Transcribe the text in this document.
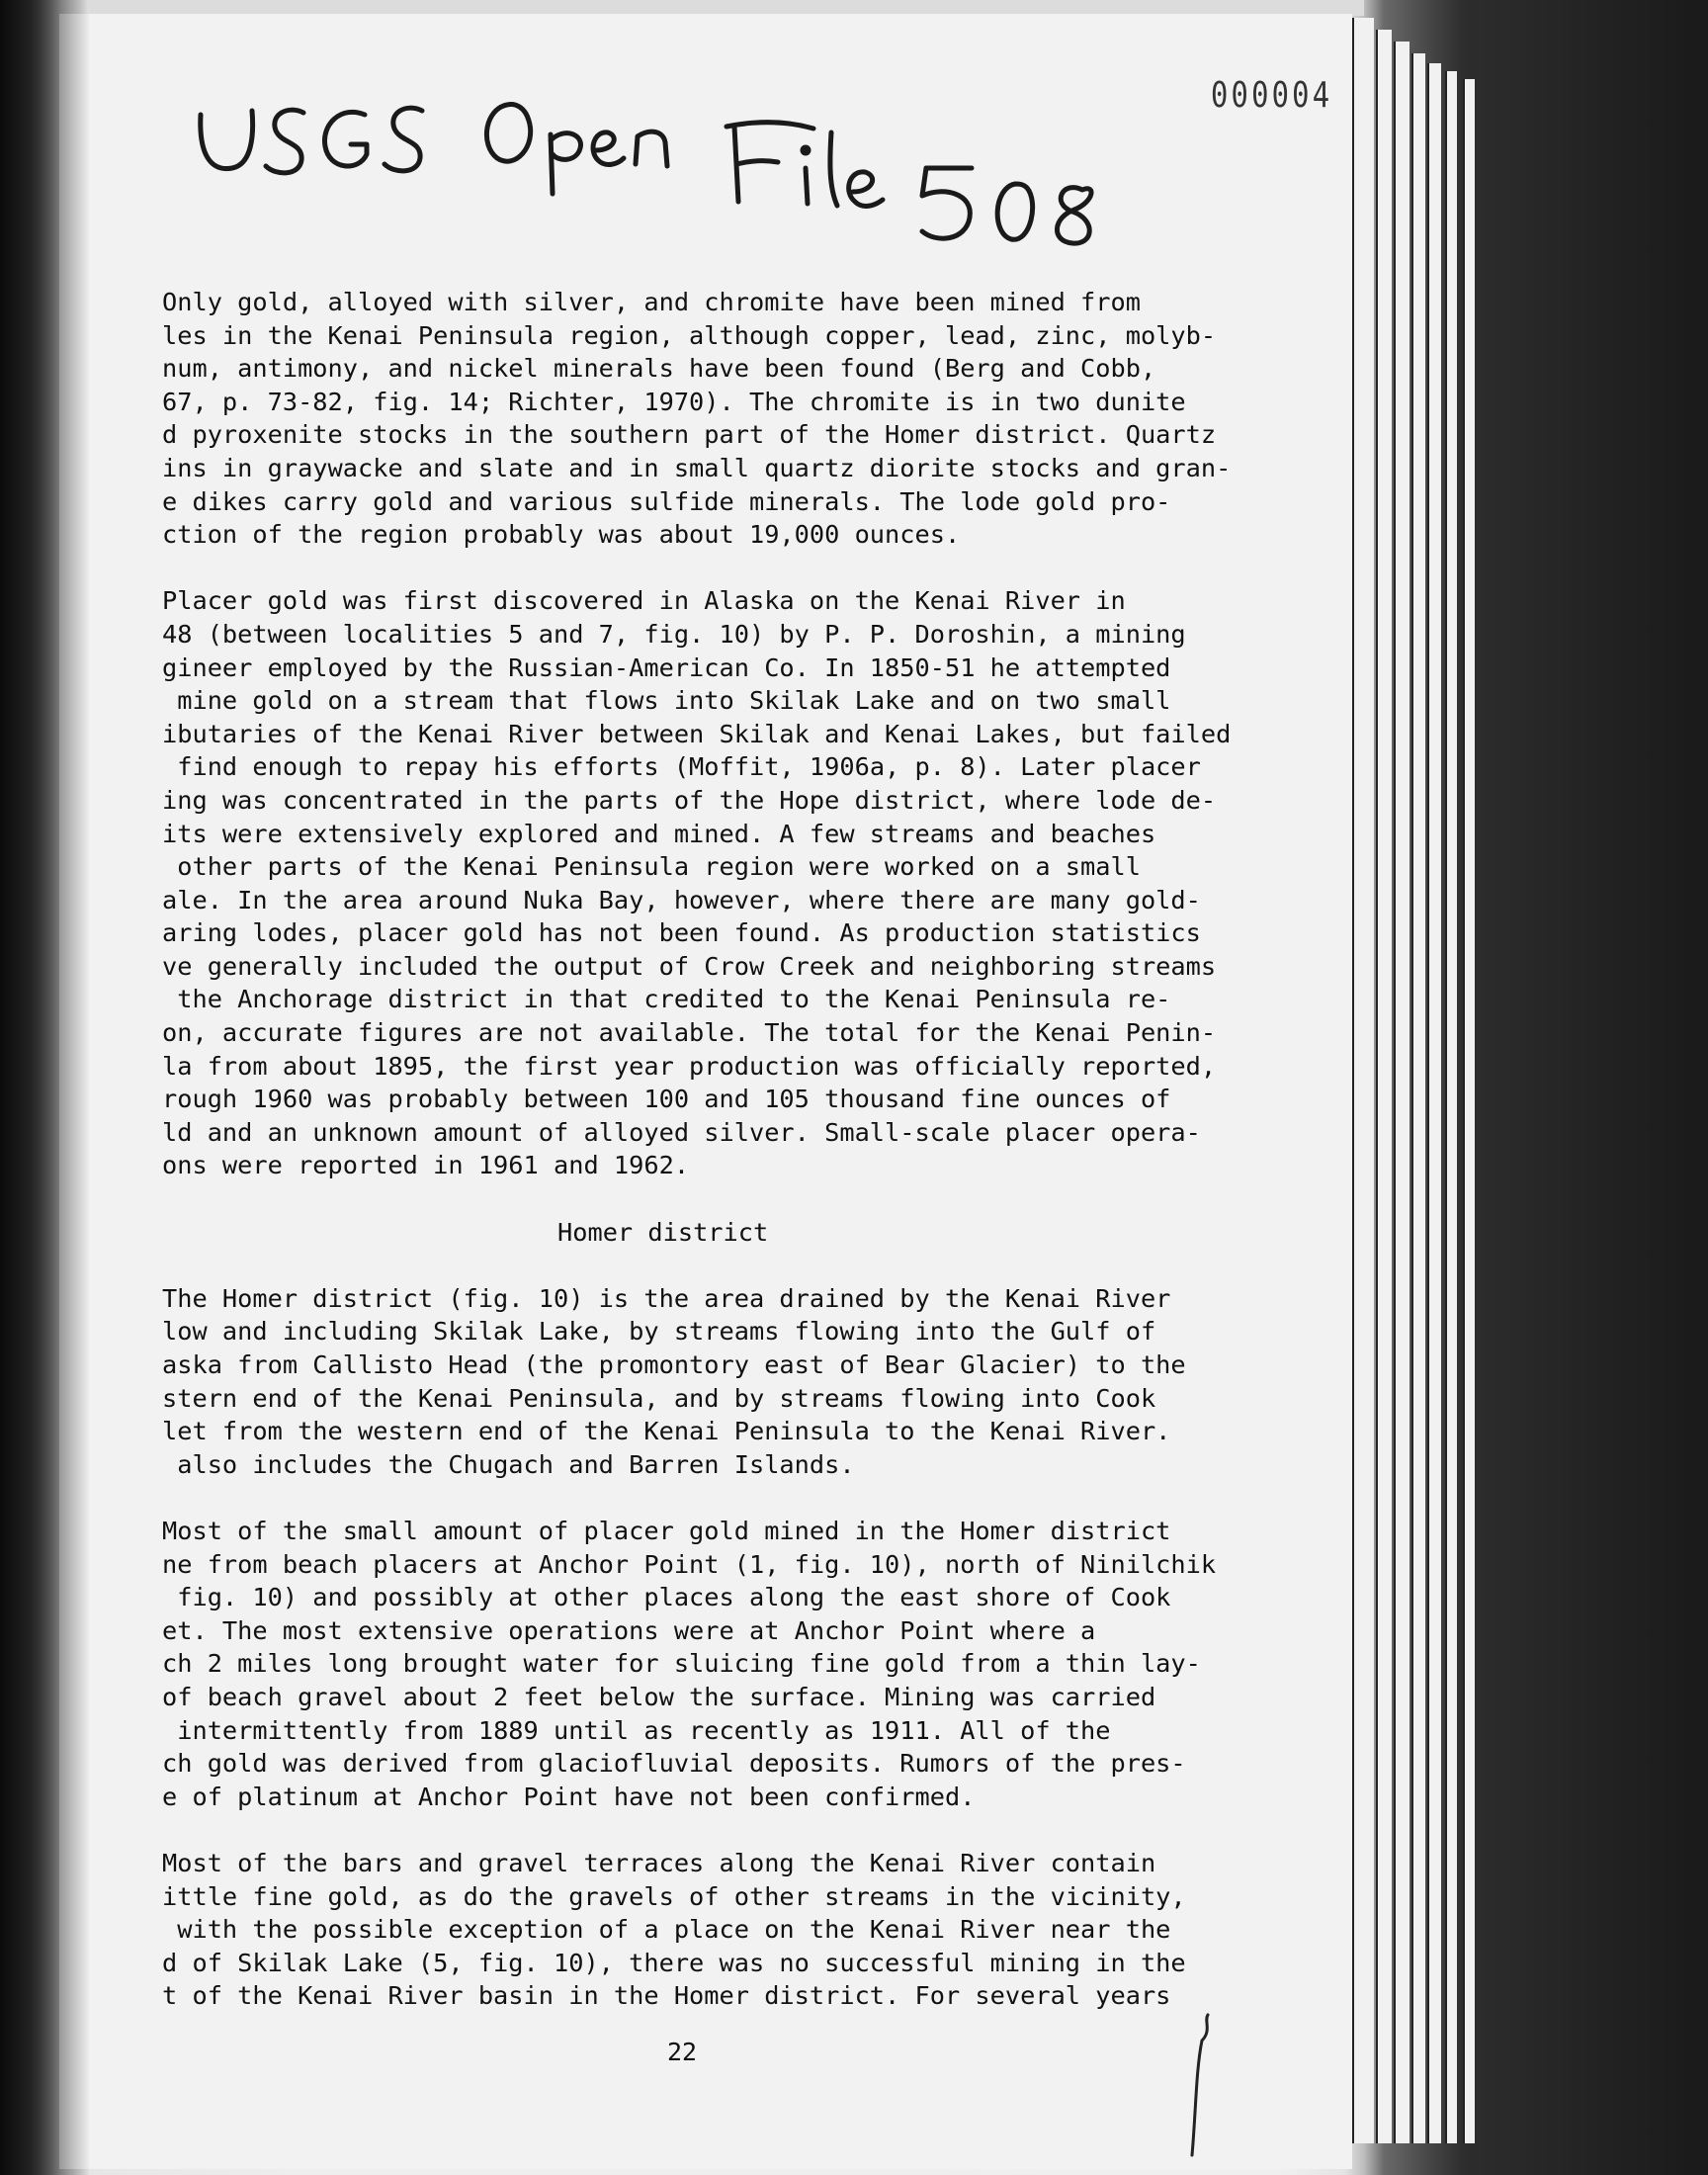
000004

Only gold, alloyed with silver, and chromite have been mined from
les in the Kenai Peninsula region, although copper, lead, zinc, molyb-
num, antimony, and nickel minerals have been found (Berg and Cobb,
67, p. 73-82, fig. 14; Richter, 1970). The chromite is in two dunite
d pyroxenite stocks in the southern part of the Homer district. Quartz
ins in graywacke and slate and in small quartz diorite stocks and gran-
e dikes carry gold and various sulfide minerals. The lode gold pro-
ction of the region probably was about 19,000 ounces.

Placer gold was first discovered in Alaska on the Kenai River in
48 (between localities 5 and 7, fig. 10) by P. P. Doroshin, a mining
gineer employed by the Russian-American Co. In 1850-51 he attempted
mine gold on a stream that flows into Skilak Lake and on two small
ibutaries of the Kenai River between Skilak and Kenai Lakes, but failed
find enough to repay his efforts (Moffit, 1906a, p. 8). Later placer
ing was concentrated in the parts of the Hope district, where lode de-
its were extensively explored and mined. A few streams and beaches
other parts of the Kenai Peninsula region were worked on a small
ale. In the area around Nuka Bay, however, where there are many gold-
aring lodes, placer gold has not been found. As production statistics
ve generally included the output of Crow Creek and neighboring streams
the Anchorage district in that credited to the Kenai Peninsula re-
on, accurate figures are not available. The total for the Kenai Penin-
la from about 1895, the first year production was officially reported,
rough 1960 was probably between 100 and 105 thousand fine ounces of
ld and an unknown amount of alloyed silver. Small-scale placer opera-
ons were reported in 1961 and 1962.

Homer district

The Homer district (fig. 10) is the area drained by the Kenai River
low and including Skilak Lake, by streams flowing into the Gulf of
aska from Callisto Head (the promontory east of Bear Glacier) to the
stern end of the Kenai Peninsula, and by streams flowing into Cook
let from the western end of the Kenai Peninsula to the Kenai River.
also includes the Chugach and Barren Islands.

Most of the small amount of placer gold mined in the Homer district
ne from beach placers at Anchor Point (1, fig. 10), north of Ninilchik
fig. 10) and possibly at other places along the east shore of Cook
et. The most extensive operations were at Anchor Point where a
ch 2 miles long brought water for sluicing fine gold from a thin lay-
of beach gravel about 2 feet below the surface. Mining was carried
intermittently from 1889 until as recently as 1911. All of the
ch gold was derived from glaciofluvial deposits. Rumors of the pres-
e of platinum at Anchor Point have not been confirmed.

Most of the bars and gravel terraces along the Kenai River contain
ittle fine gold, as do the gravels of other streams in the vicinity,
with the possible exception of a place on the Kenai River near the
d of Skilak Lake (5, fig. 10), there was no successful mining in the
t of the Kenai River basin in the Homer district. For several years

22
